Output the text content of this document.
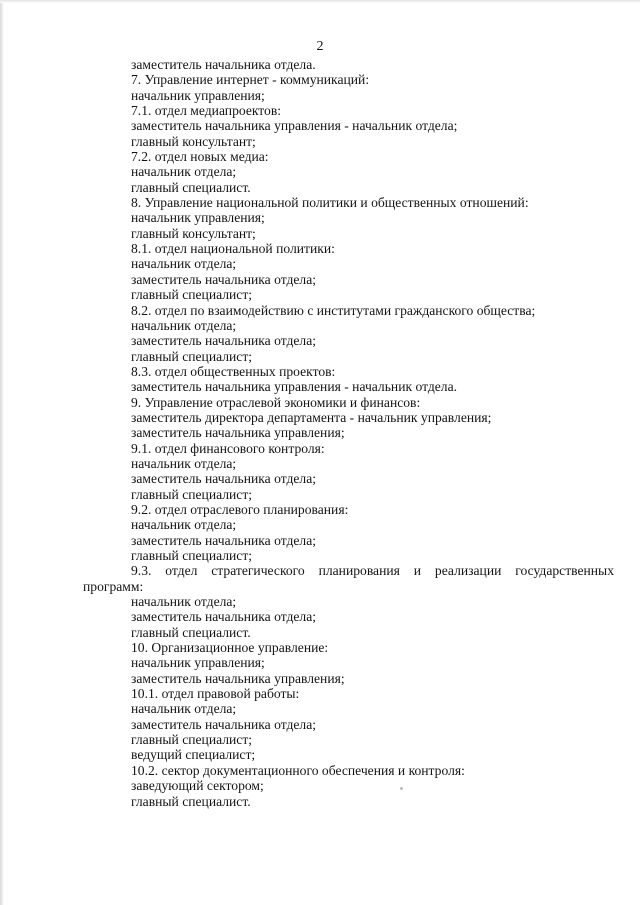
2
заместитель начальника отдела.
7. Управление интернет - коммуникаций:
начальник управления;
7.1. отдел медиапроектов:
заместитель начальника управления - начальник отдела;
главный консультант;
7.2. отдел новых медиа:
начальник отдела;
главный специалист.
8. Управление национальной политики и общественных отношений:
начальник управления;
главный консультант;
8.1. отдел национальной политики:
начальник отдела;
заместитель начальника отдела;
главный специалист;
8.2. отдел по взаимодействию с институтами гражданского общества;
начальник отдела;
заместитель начальника отдела;
главный специалист;
8.3. отдел общественных проектов:
заместитель начальника управления - начальник отдела.
9. Управление отраслевой экономики и финансов:
заместитель директора департамента - начальник управления;
заместитель начальника управления;
9.1. отдел финансового контроля:
начальник отдела;
заместитель начальника отдела;
главный специалист;
9.2. отдел отраслевого планирования:
начальник отдела;
заместитель начальника отдела;
главный специалист;
9.3. отдел стратегического планирования и реализации государственных
программ:
начальник отдела;
заместитель начальника отдела;
главный специалист.
10. Организационное управление:
начальник управления;
заместитель начальника управления;
10.1. отдел правовой работы:
начальник отдела;
заместитель начальника отдела;
главный специалист;
ведущий специалист;
10.2. сектор документационного обеспечения и контроля:
заведующий сектором;
главный специалист.
